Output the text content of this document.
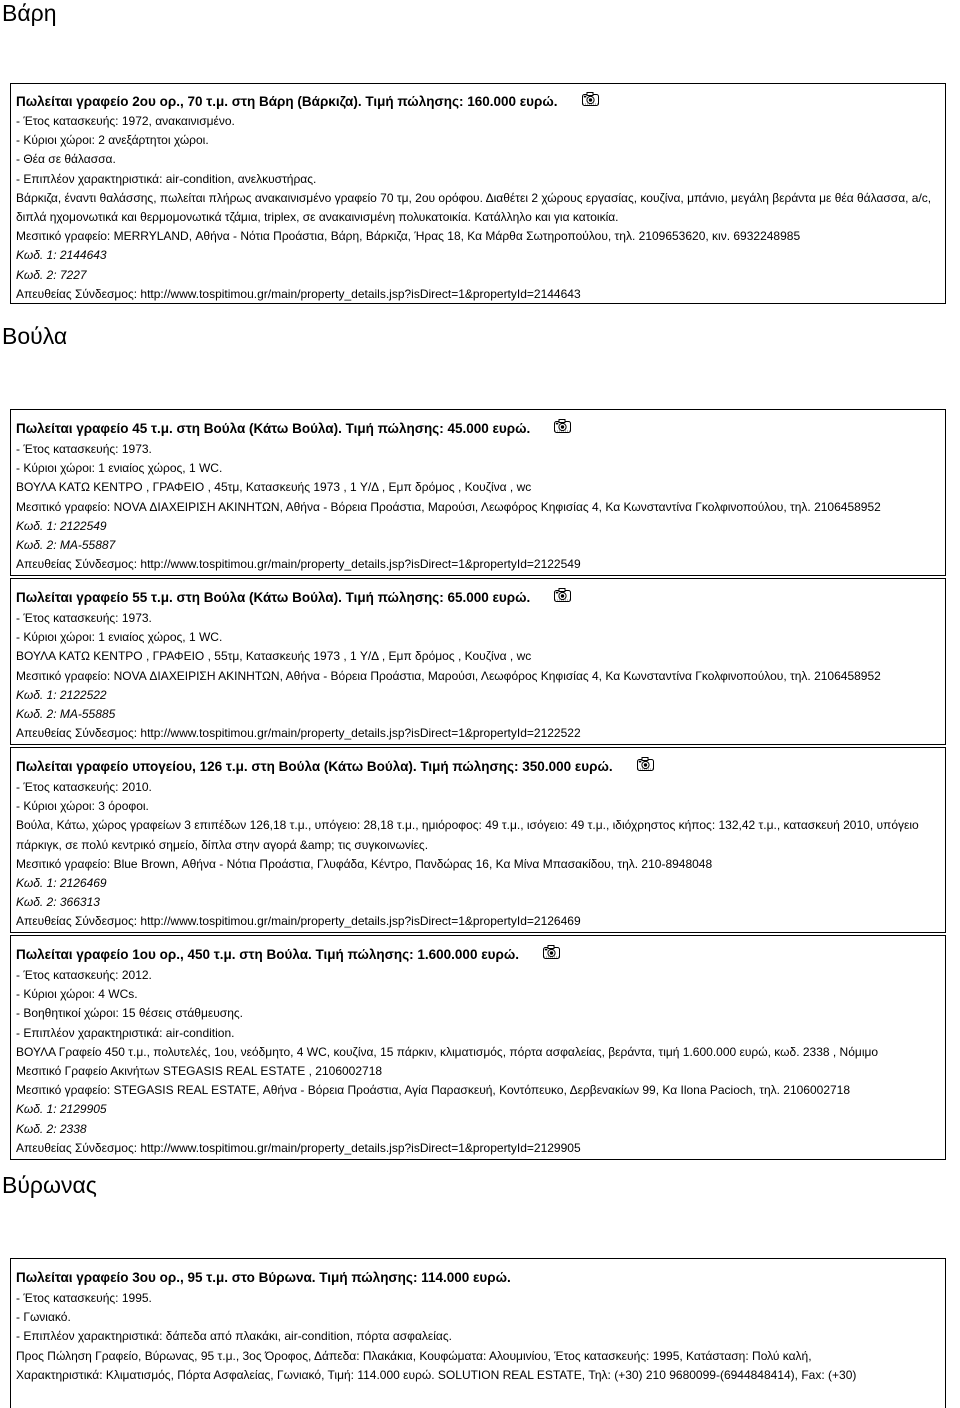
Βάρη
Πωλείται γραφείο 2ου ορ., 70 τ.μ. στη Βάρη (Βάρκιζα). Τιμή πώλησης: 160.000 ευρώ.
- Έτος κατασκευής: 1972, ανακαινισμένο.
- Κύριοι χώροι: 2 ανεξάρτητοι χώροι.
- Θέα σε θάλασσα.
- Επιπλέον χαρακτηριστικά: air-condition, ανελκυστήρας.
Βάρκιζα, έναντι θαλάσσης, πωλείται πλήρως ανακαινισμένο γραφείο 70 τμ, 2ου ορόφου. Διαθέτει 2 χώρους εργασίας, κουζίνα, μπάνιο, μεγάλη βεράντα με θέα θάλασσα, a/c, διπλά ηχομονωτικά και θερμομονωτικά τζάμια, triplex, σε ανακαινισμένη πολυκατοικία. Κατάλληλο και για κατοικία.
Μεσιτικό γραφείο: MERRYLAND, Αθήνα - Νότια Προάστια, Βάρη, Βάρκιζα, Ήρας 18, Κα Μάρθα Σωτηροπούλου, τηλ. 2109653620, κιν. 6932248985
Κωδ. 1: 2144643
Κωδ. 2: 7227
Απευθείας Σύνδεσμος: http://www.tospitimou.gr/main/property_details.jsp?isDirect=1&propertyId=2144643
Βούλα
Πωλείται γραφείο 45 τ.μ. στη Βούλα (Κάτω Βούλα). Τιμή πώλησης: 45.000 ευρώ.
- Έτος κατασκευής: 1973.
- Κύριοι χώροι: 1 ενιαίος χώρος, 1 WC.
ΒΟΥΛΑ ΚΑΤΩ ΚΕΝΤΡΟ , ΓΡΑΦΕΙΟ , 45τμ, Κατασκευής 1973 , 1 Υ/Δ , Εμπ δρόμος , Κουζίνα , wc
Μεσιτικό γραφείο: NOVA ΔΙΑΧΕΙΡΙΣΗ ΑΚΙΝΗΤΩΝ, Αθήνα - Βόρεια Προάστια, Μαρούσι, Λεωφόρος Κηφισίας 4, Κα Κωνσταντίνα Γκολφινοπούλου, τηλ. 2106458952
Κωδ. 1: 2122549
Κωδ. 2: ΜΑ-55887
Απευθείας Σύνδεσμος: http://www.tospitimou.gr/main/property_details.jsp?isDirect=1&propertyId=2122549
Πωλείται γραφείο 55 τ.μ. στη Βούλα (Κάτω Βούλα). Τιμή πώλησης: 65.000 ευρώ.
- Έτος κατασκευής: 1973.
- Κύριοι χώροι: 1 ενιαίος χώρος, 1 WC.
ΒΟΥΛΑ ΚΑΤΩ ΚΕΝΤΡΟ , ΓΡΑΦΕΙΟ , 55τμ, Κατασκευής 1973 , 1 Υ/Δ , Εμπ δρόμος , Κουζίνα , wc
Μεσιτικό γραφείο: NOVA ΔΙΑΧΕΙΡΙΣΗ ΑΚΙΝΗΤΩΝ, Αθήνα - Βόρεια Προάστια, Μαρούσι, Λεωφόρος Κηφισίας 4, Κα Κωνσταντίνα Γκολφινοπούλου, τηλ. 2106458952
Κωδ. 1: 2122522
Κωδ. 2: ΜΑ-55885
Απευθείας Σύνδεσμος: http://www.tospitimou.gr/main/property_details.jsp?isDirect=1&propertyId=2122522
Πωλείται γραφείο υπογείου, 126 τ.μ. στη Βούλα (Κάτω Βούλα). Τιμή πώλησης: 350.000 ευρώ.
- Έτος κατασκευής: 2010.
- Κύριοι χώροι: 3 όροφοι.
Βούλα, Κάτω, χώρος γραφείων 3 επιπέδων 126,18 τ.μ., υπόγειο: 28,18 τ.μ., ημιόροφος: 49 τ.μ., ισόγειο: 49 τ.μ., ιδιόχρηστος κήπος: 132,42 τ.μ., κατασκευή 2010, υπόγειο πάρκιγκ, σε πολύ κεντρικό σημείο, δίπλα στην αγορά &amp; τις συγκοινωνίες.
Μεσιτικό γραφείο: Blue Brown, Αθήνα - Νότια Προάστια, Γλυφάδα, Κέντρο, Πανδώρας 16, Κα Μίνα Μπασακίδου, τηλ. 210-8948048
Κωδ. 1: 2126469
Κωδ. 2: 366313
Απευθείας Σύνδεσμος: http://www.tospitimou.gr/main/property_details.jsp?isDirect=1&propertyId=2126469
Πωλείται γραφείο 1ου ορ., 450 τ.μ. στη Βούλα. Τιμή πώλησης: 1.600.000 ευρώ.
- Έτος κατασκευής: 2012.
- Κύριοι χώροι: 4 WCs.
- Βοηθητικοί χώροι: 15 θέσεις στάθμευσης.
- Επιπλέον χαρακτηριστικά: air-condition.
ΒΟΥΛΑ Γραφείο 450 τ.μ., πολυτελές, 1ου, νεόδμητο, 4 WC, κουζίνα, 15 πάρκιν, κλιματισμός, πόρτα ασφαλείας, βεράντα, τιμή 1.600.000 ευρώ, κωδ. 2338 , Νόμιμο
Μεσιτικό Γραφείο Ακινήτων STEGASIS REAL ESTATE , 2106002718
Μεσιτικό γραφείο: STEGASIS REAL ESTATE, Αθήνα - Βόρεια Προάστια, Αγία Παρασκευή, Κοντόπευκο, Δερβενακίων 99, Κα Ilona Pacioch, τηλ. 2106002718
Κωδ. 1: 2129905
Κωδ. 2: 2338
Απευθείας Σύνδεσμος: http://www.tospitimou.gr/main/property_details.jsp?isDirect=1&propertyId=2129905
Βύρωνας
Πωλείται γραφείο 3ου ορ., 95 τ.μ. στο Βύρωνα. Τιμή πώλησης: 114.000 ευρώ.
- Έτος κατασκευής: 1995.
- Γωνιακό.
- Επιπλέον χαρακτηριστικά: δάπεδα από πλακάκι, air-condition, πόρτα ασφαλείας.
Προς Πώληση Γραφείο, Βύρωνας, 95 τ.μ., 3ος Όροφος, Δάπεδα: Πλακάκια, Κουφώματα: Αλουμινίου, Έτος κατασκευής: 1995, Κατάσταση: Πολύ καλή,
Χαρακτηριστικά: Κλιματισμός, Πόρτα Ασφαλείας, Γωνιακό, Τιμή: 114.000 ευρώ. SOLUTION REAL ESTATE, Τηλ: (+30) 210 9680099-(6944848414), Fax: (+30)
